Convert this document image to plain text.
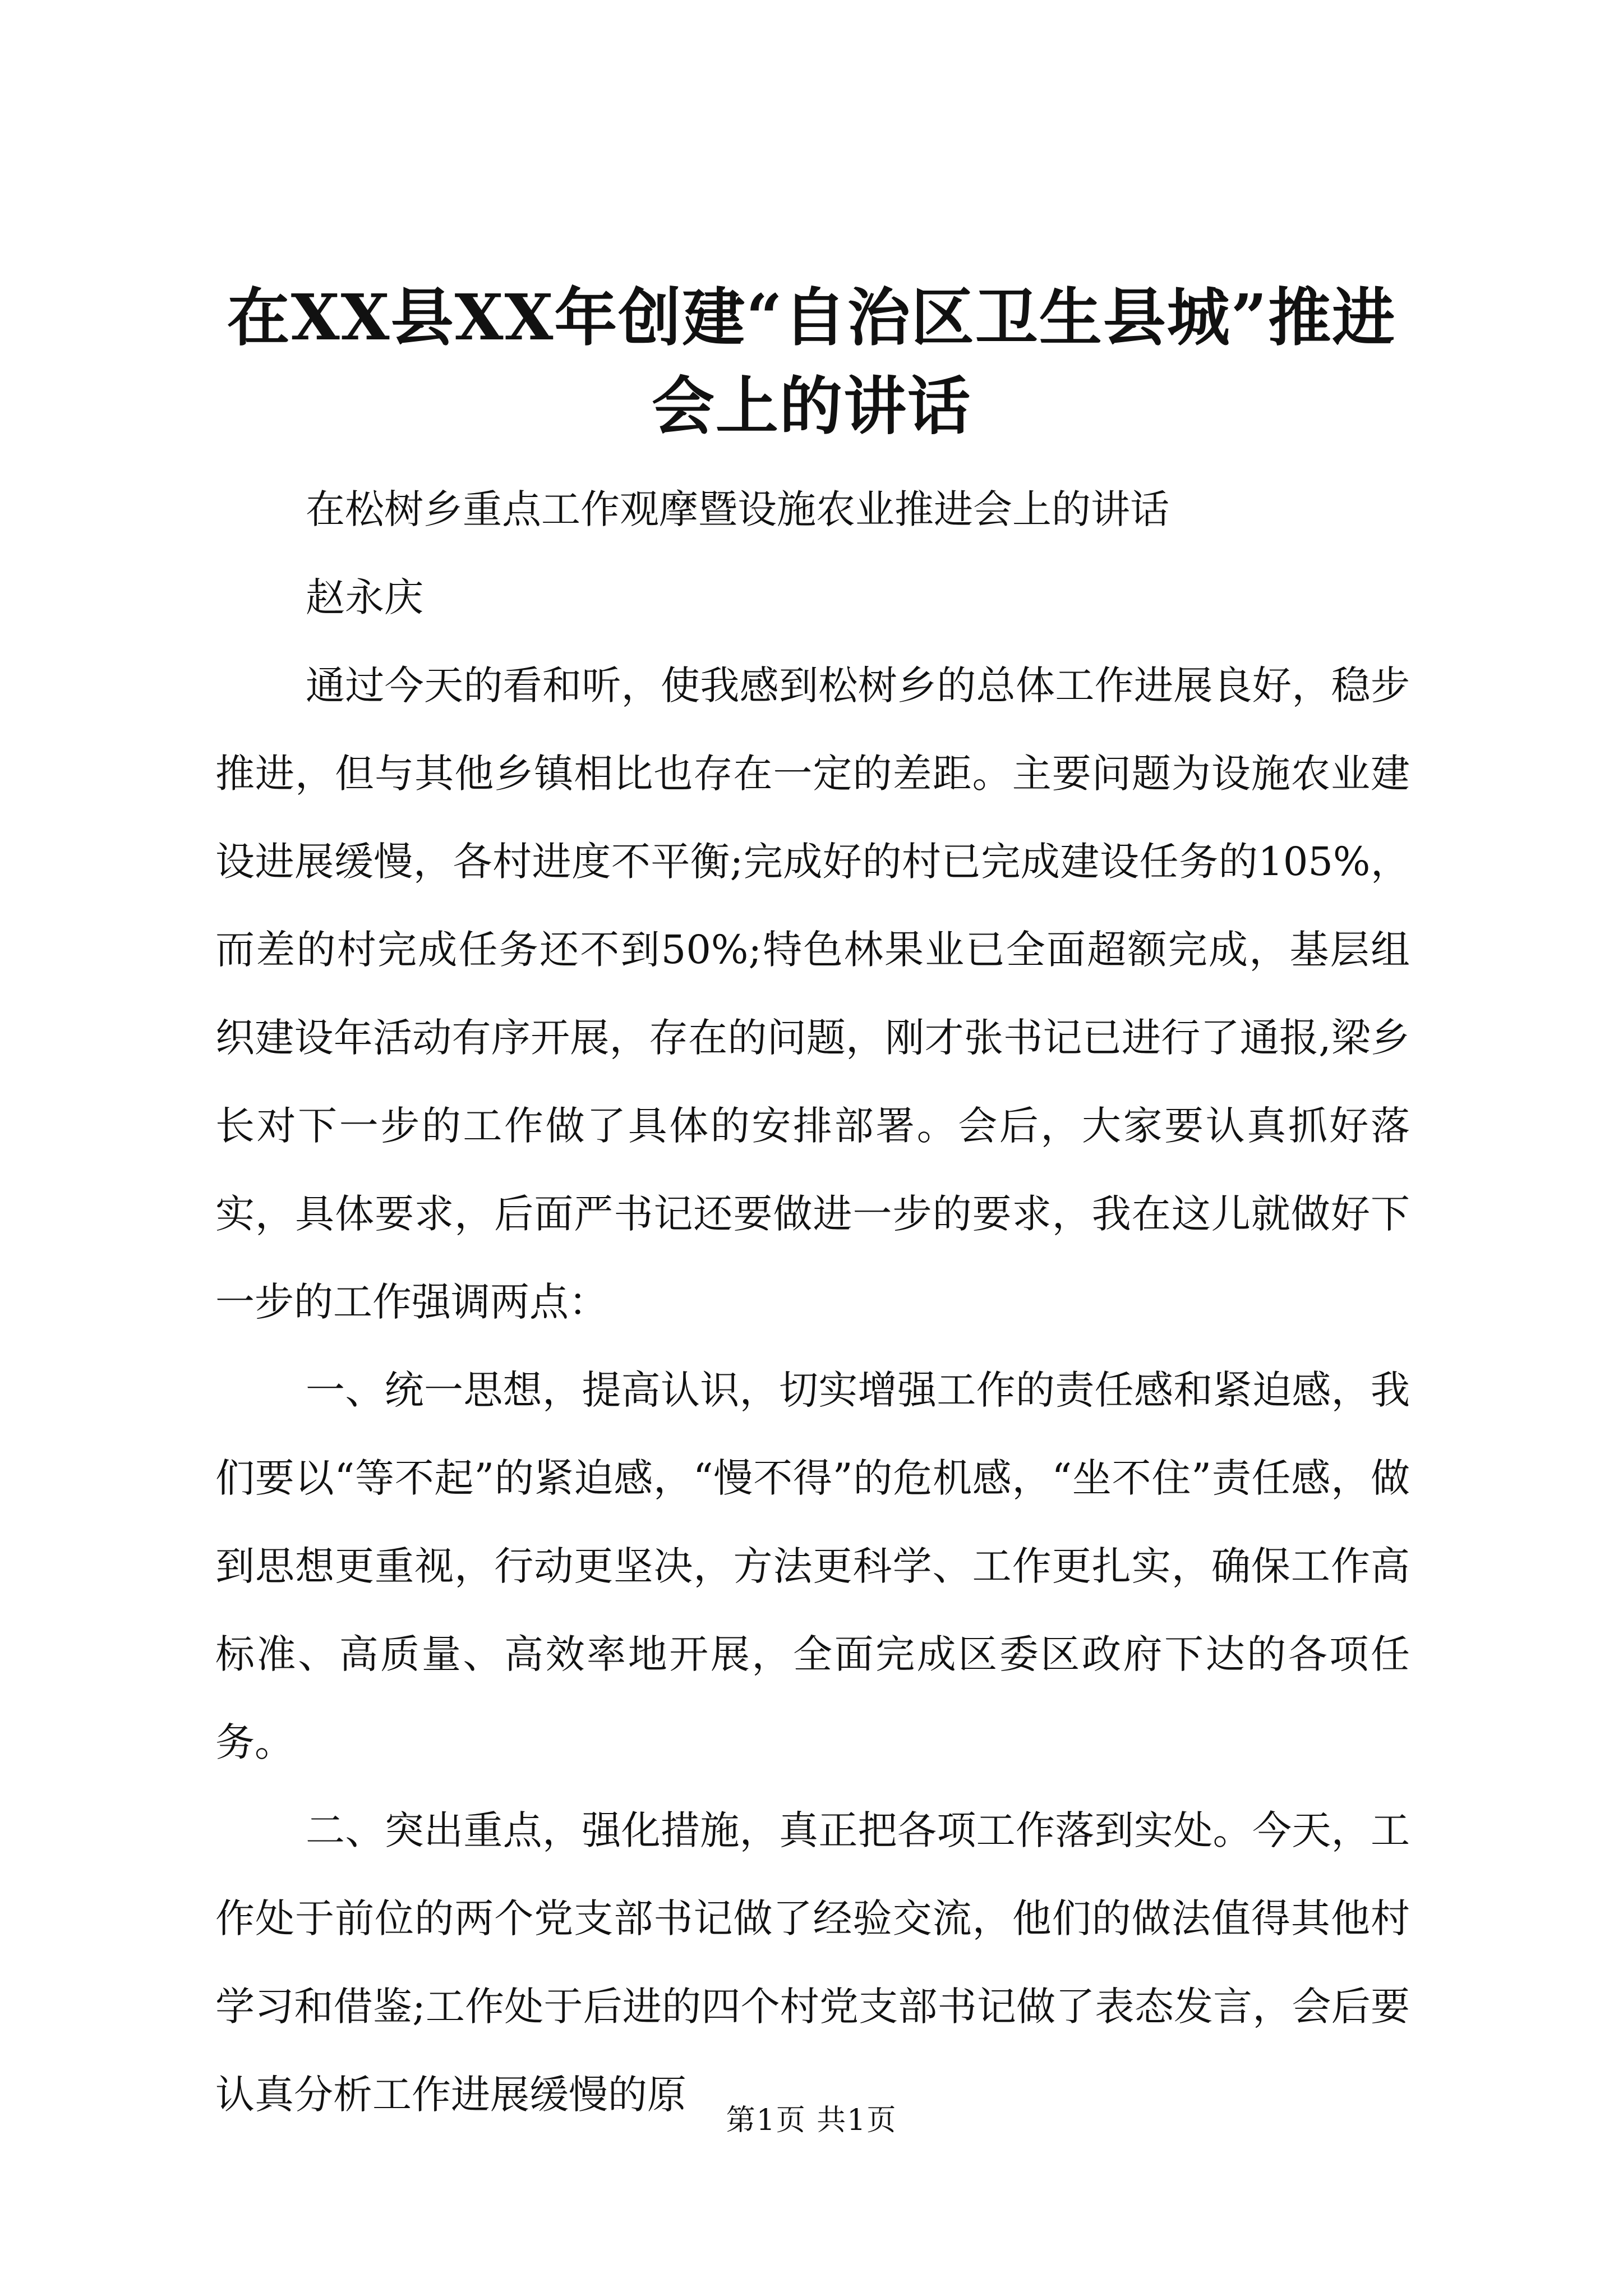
在XX县XX年创建“自治区卫生县城”推进会上的讲话

在松树乡重点工作观摩暨设施农业推进会上的讲话

赵永庆

通过今天的看和听，使我感到松树乡的总体工作进展良好，稳步推进，但与其他乡镇相比也存在一定的差距。主要问题为设施农业建设进展缓慢，各村进度不平衡;完成好的村已完成建设任务的105%，而差的村完成任务还不到50%;特色林果业已全面超额完成，基层组织建设年活动有序开展，存在的问题，刚才张书记已进行了通报,梁乡长对下一步的工作做了具体的安排部署。会后，大家要认真抓好落实，具体要求，后面严书记还要做进一步的要求，我在这儿就做好下一步的工作强调两点：

一、统一思想，提高认识，切实增强工作的责任感和紧迫感，我们要以“等不起”的紧迫感，“慢不得”的危机感，“坐不住”责任感，做到思想更重视，行动更坚决，方法更科学、工作更扎实，确保工作高标准、高质量、高效率地开展，全面完成区委区政府下达的各项任务。

二、突出重点，强化措施，真正把各项工作落到实处。今天，工作处于前位的两个党支部书记做了经验交流，他们的做法值得其他村学习和借鉴;工作处于后进的四个村党支部书记做了表态发言，会后要认真分析工作进展缓慢的原

第1页 共1页
